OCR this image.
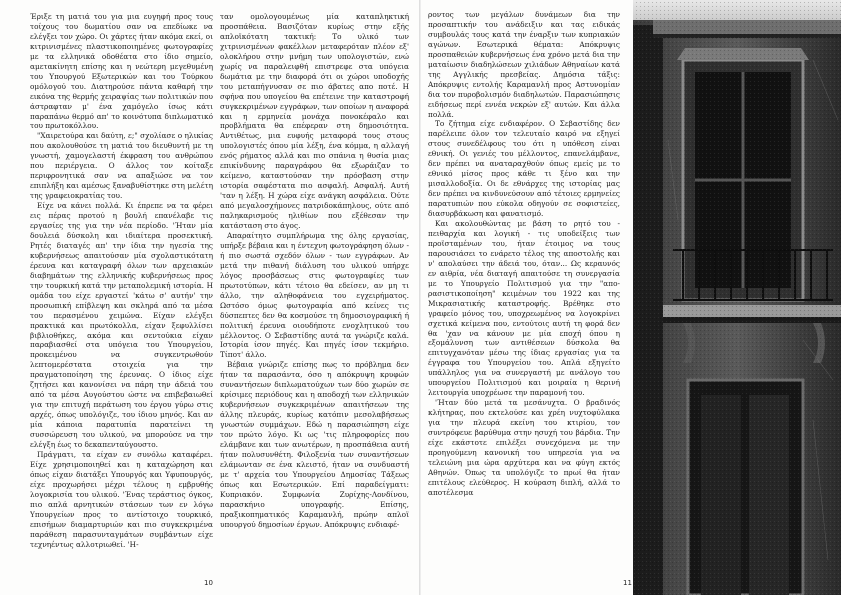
Έριξε τη ματιά του για μια ευγηφή προς τους τοίχους του δωματίου σαν να επεδίωκε να ελέγξει τον χώρο. Οι χάρτες ήταν ακόμα εκεί, οι κιτρινισμένες πλαστικοποιημένες φωτογραφίες με τα ελληνικά οδοθέατα στο ίδιο σημείο, αμετακίνητη επίσης και η νεώτερη μεγεθυμένη του Υπουργού Εξωτερικών και του Τούρκου ομόλογού του. Διατηρούσε πάντα καθαρή την εικόνα της θερμής χειραψίας των πολιτικών που άστραφταν μ' ένα χαμόγελο ίσως κάτι παραπάνω θερμό απ' το κοινότυπα διπλωματικό του πρωτοκόλλου.

"Χαιρετούρα και δαύτη, ε;" σχολίασε ο ηλικίας που ακολουθούσε τη ματιά του διευθυντή με τη γνωστή, χαμογελαστή έκφραση του ανθρώπου που περιέργεια. Ο άλλος τον κοίταξε περιφρονητικά σαν να απαξιώσε να τον επιπλήξη και αμέσως ξαναβυθίστηκε στη μελέτη της γραφειοκρατίας του.

Είχε να κάνει πολλά. Κι έπρεπε να τα φέρει εις πέρας προτού η βουλή επανέλαβε τις εργασίες της για την νέα περίοδο. 'Ήταν μία δουλειά δύσκολη και ιδιαίτερα προσεκτική. Ρητές διαταγές απ' την ίδια την ηγεσία της κυβερνήσεως απαιτούσαν μία σχολαστικότατη έρευνα και καταγραφή όλων των αρχειακών διαβημάτων της ελληνικής κυβερνήσεως προς την τουρκική κατά την μεταπολεμική ιστορία. Η ομάδα του είχε εργαστεί 'κάτω σ' αυτήν' την προσωπική επίβλεψη και σκληρά από τα μέσα του περασμένου χειμώνα. Είχαν ελέγξει πρακτικά και πρωτόκολλα, είχαν ξεφυλλίσει βιβλιοθήκες, ακόμα και σεντούκια είχαν παραβιασθεί στα υπόγεια του Υπουργείου, προκειμένου να συγκεντρωθούν λεπτομερέστατα στοιχεία για την πραγματοποίηση της έρευνας. Ο ίδιος είχε ζητήσει και κανονίσει να πάρη την άδειά του από τα μέσα Αυγούστου ώστε να επιβεβαιωθεί για την επιτυχή περάτωση του έργου γύρω στις αρχές, όπως υπολόγιζε, του ίδιου μηνός. Και αν μία κάποια παρατυπία παρατείνει τη συσσώρευση του υλικού, να μπορούσε να την ελέγξη έως το δεκαπενταύγουστο.

Πράγματι, τα είχαν εν συνόλω καταφέρει. Είχε χρησιμοποιηθεί και η καταχώρηση και όπως είχαν διατάξει Υπουργός και Υφυπουργός, είχε προχωρήσει μέχρι τέλους η εμβρυθής λογοκρισία του υλικού. 'Ένας τεράστιος όγκος, πιο απλά αρνητικών στάσεων των εν λόγω Υπουργείων προς το αντίστοιχο τουρκικό, επισήμων διαμαρτυριών και πιο συγκεκριμένα παράθεση παρασυνταγμάτων συμβάντων είχε τεχνηέντως αλλοτριωθεί. 'Η-

ταν ομολογουμένως μία καταπληκτική προσπάθεια. Βασιζόταν κυρίως στην εξής απλοϊκότατη τακτική: Το υλικό των χιτρινισμένων φακέλλων μεταφερόταν πλέον εξ' ολοκλήρου στην μνήμη των υπολογιστών, ενώ χωρίς να παραλειφθή επιστρεφε στα υπόγεια δωμάτια με την διαφορά ότι οι χώροι υποδοχής του μεταπήγνυσαν σε πιο άβατες απο ποτέ. Η σφήνα που υπογείου θα επέτεινε την καταστροφή συγκεκριμένων εγγράφων, των οποίων η αναφορά και η ερμηνεία μονάχα πονοκέφαλο και προβλήματα θα επέφεραν στη δημοσιότητα. Αντιθέτως, μια ευφυής μεταφορά τους στους υπολογιστές όπου μία λέξη, ένα κόμμα, η αλλαγή ενός ρήματος αλλά και πιο σπάνια η θυσία μιας επικίνδυνης παραγράφου θα εξωράιζαν το κείμενο, καταστούσαν την πρόσβαση στην ιστορία σαφέστατα πιο ασφαλή. Ασφαλή. Αυτή 'ταν η λέξη. Η χώρα είχε ανάγκη ασφάλεια. Όύτε από μεγαλοσχήμονες πατριδοκάπηλους, ούτε από παληκαρισμούς ηλιθίων που εξέθεσαν την κατάσταση στο άγος.

Απαραίτητο συμπλήρωμα της όλης εργασίας, υπήρξε βέβαια και η έντεχνη φωτογράφηση όλων - ή πιο σωστά σχεδόν όλων - των εγγράφων. Αν μετά την πιθανή διάλυση του υλικού υπήρχε λόγος προσβάσεως στις φωτογραφίες των πρωτοτύπων, κάτι τέτοιο θα εδείσεν, αν μη τι άλλο, την αληθοφάνεια του εγχειρήματος. Ωστόσο όμως φωτογραφία από κείνες τις δύσπεπτες δεν θα κοσμούσε τη δημοσιογραφική ή πολιτική έρευνα οιουδήποτε ενοχλητικού του μέλλοντος. Ο Σεβαστίδης αυτά τα γνώριζε καλά. Ιστορία ίσον πηγές. Και πηγές ίσον τεκμήριο. Τίποτ' άλλο.

Βέβαια γνώριζε επίσης πως το πρόβλημα δεν ήταν τα παρασάντα, όσο η απόκρυψη κρυφών συναντήσεων διπλωματούχων των δύο χωρών σε κρίσιμες περιόδους και η αποδοχή των ελληνικών κυβερνήσεων συγκεκριμένων απαιτήσεων της άλλης πλευράς, κυρίως κατόπιν μεσολαβήσεως γνωστών συμμάχων. Εδώ η παρασιώπηση είχε τον πρώτο λόγο. Κι ως 'τις πληροφορίες που ελάμβανε και των ανωτέρων, η προσπάθεια αυτή ήταν πολυσυνθέτη. Φιλοξενία των συναντήσεων ελάμωνταν σε ένα κλειστό, ήταν να συνδυαστή με τ' αρχεία του Υπουργείου Δημοσίας Τάξεως όπως και Εσωτερικών. Επί παραδείγματι: Κυπριακόν. Συμφωνία Ζυρίχης-Λονδίνου, παρασκήνιο υπογραφής. Επίσης, πραξικοπηματικός Καραμανλή, πρώην απλοϊ υπουργού δημοσίων έργων. Απόκρυψις ενδιαφέ-

ροντος των μεγάλων δυνάμεων δια την προσαπτικήν του ανάδειξιν και τας ειδικάς συμβουλάς τους κατά την έναρξιν των κυπριακών αγώνων. Εσωτερικά θέματα: Απόκρυψις προσπαθειών κυβερνήσεως ένα χρόνο μετά δια την ματαίωσιν διαδηλώσεων χιλιάδων Αθηναίων κατά της Αγγλικής πρεσβείας. Δημόσια τάξις: Απόκρυψις εντολής Καραμανλή προς Αστυνομίαν δια τον πυροβολισμόν διαδηλωτών. Παρασιώπησις ειδήσεως περί εννέα νεκρών εξ' αυτών. Και άλλα πολλά.

Το ζήτημα είχε ενδιαφέρον. Ο Σεβαστίδης δεν παρέλειπε όλον τον τελευταίο καιρό να εξηγεί στους συνεδέλφους του ότι η υπόθεση είναι εθνική. Οι γενιές του μέλλοντος, επανελάμβανε, δεν πρέπει να αναταραχθούν όπως εμείς με το εθνικό μίσος προς κάθε τι ξένο και την μισαλλοδοξία. Οι δε εθνάρχες της ιστορίας μας δεν πρέπει να κινδυνεύσουν από τέτοιες ερμηνείες παρατυπιών που εύκολα οδηγούν σε σοφιστείες, διασυρβάκωση και φανατισμό.

Και ακολουθώντας με βάση το ρητό του - πειθαρχία και λογική - τις υποδείξεις των προϊσταμένων του, ήταν έτοιμος να τους παρουσιάσει το ενάρετο τέλος της αποστολής και ν' απολαύσει την άδειά του, όταν... Ως κεραυνός εν αιθρία, νέα διαταγή απαιτούσε τη συνεργασία με το Υπουργείο Πολιτισμού για την "απο-ρασιστικοποίηση" κειμένων του 1922 και της Μικρασιατικής καταστροφής. Βρέθηκε στο γραφείο μόνος του, υποχρεωμένος να λογοκρίνει σχετικά κείμενα που, εντούτοις αυτή τη φορά δεν θα 'χαν να κάνουν με μία εποχή όπου η εξομάλυνση των αντιθέσεων δύσκολα θα επιτυγχανόταν μέσω της ίδιας εργασίας για τα έγγραφα του Υπουργείου του. Απλά εξηγείτο υπάλληλος για να συνεργαστή με ανάλογο του υπουργείου Πολιτισμού και μοιραία η θερινή λειτουργία υποχρέωσε την παραμονή του.

'Ήταν δύο μετά τα μεσάνυχτα. Ο βραδινός κλήτηρας, που εκτελούσε και χρέη νυχτοφύλακα για την πλευρά εκείνη του κτιρίου, τον συντρόφευε βαρύθυμα στην ησυχή του βάρδια. Την είχε εκάστοτε επιλέξει συνεχόμενα με την προηγούμενη κανονική του υπηρεσία για να τελειώνη μια ώρα αρχύτερα και να φύγη εκτός Αθηνών. Όπως τα υπολόγιζε το πρωί θα ήταν επιτέλους ελεύθερος. Η κούραση διπλή, αλλά το αποτέλεσμα

10	11
